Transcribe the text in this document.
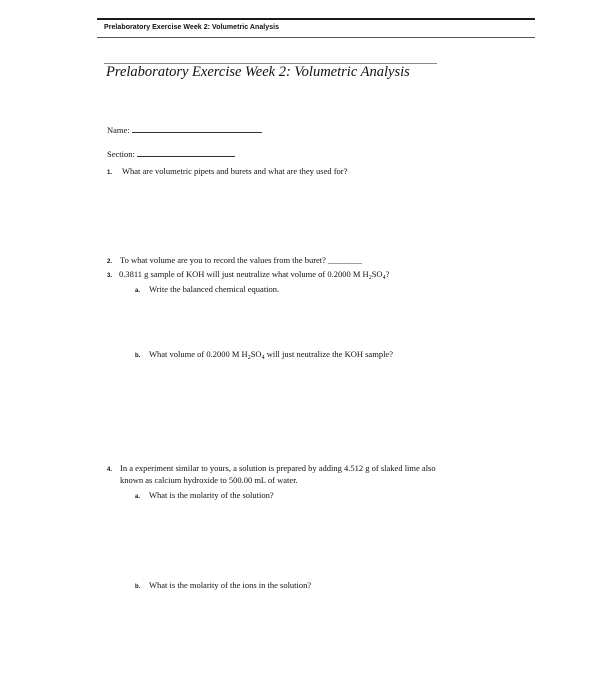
Prelaboratory Exercise Week 2: Volumetric Analysis
Prelaboratory Exercise Week 2: Volumetric Analysis
Name:
Section:
1. What are volumetric pipets and burets and what are they used for?
2. To what volume are you to record the values from the buret? ________
3. 0.3811 g sample of KOH will just neutralize what volume of 0.2000 M $H_2SO_4$?
a. Write the balanced chemical equation.
b. What volume of 0.2000 M $H_2SO_4$ will just neutralize the KOH sample?
4. In a experiment similar to yours, a solution is prepared by adding 4.512 g of slaked lime also
known as calcium hydroxide to 500.00 mL of water.
a. What is the molarity of the solution?
b. What is the molarity of the ions in the solution?
